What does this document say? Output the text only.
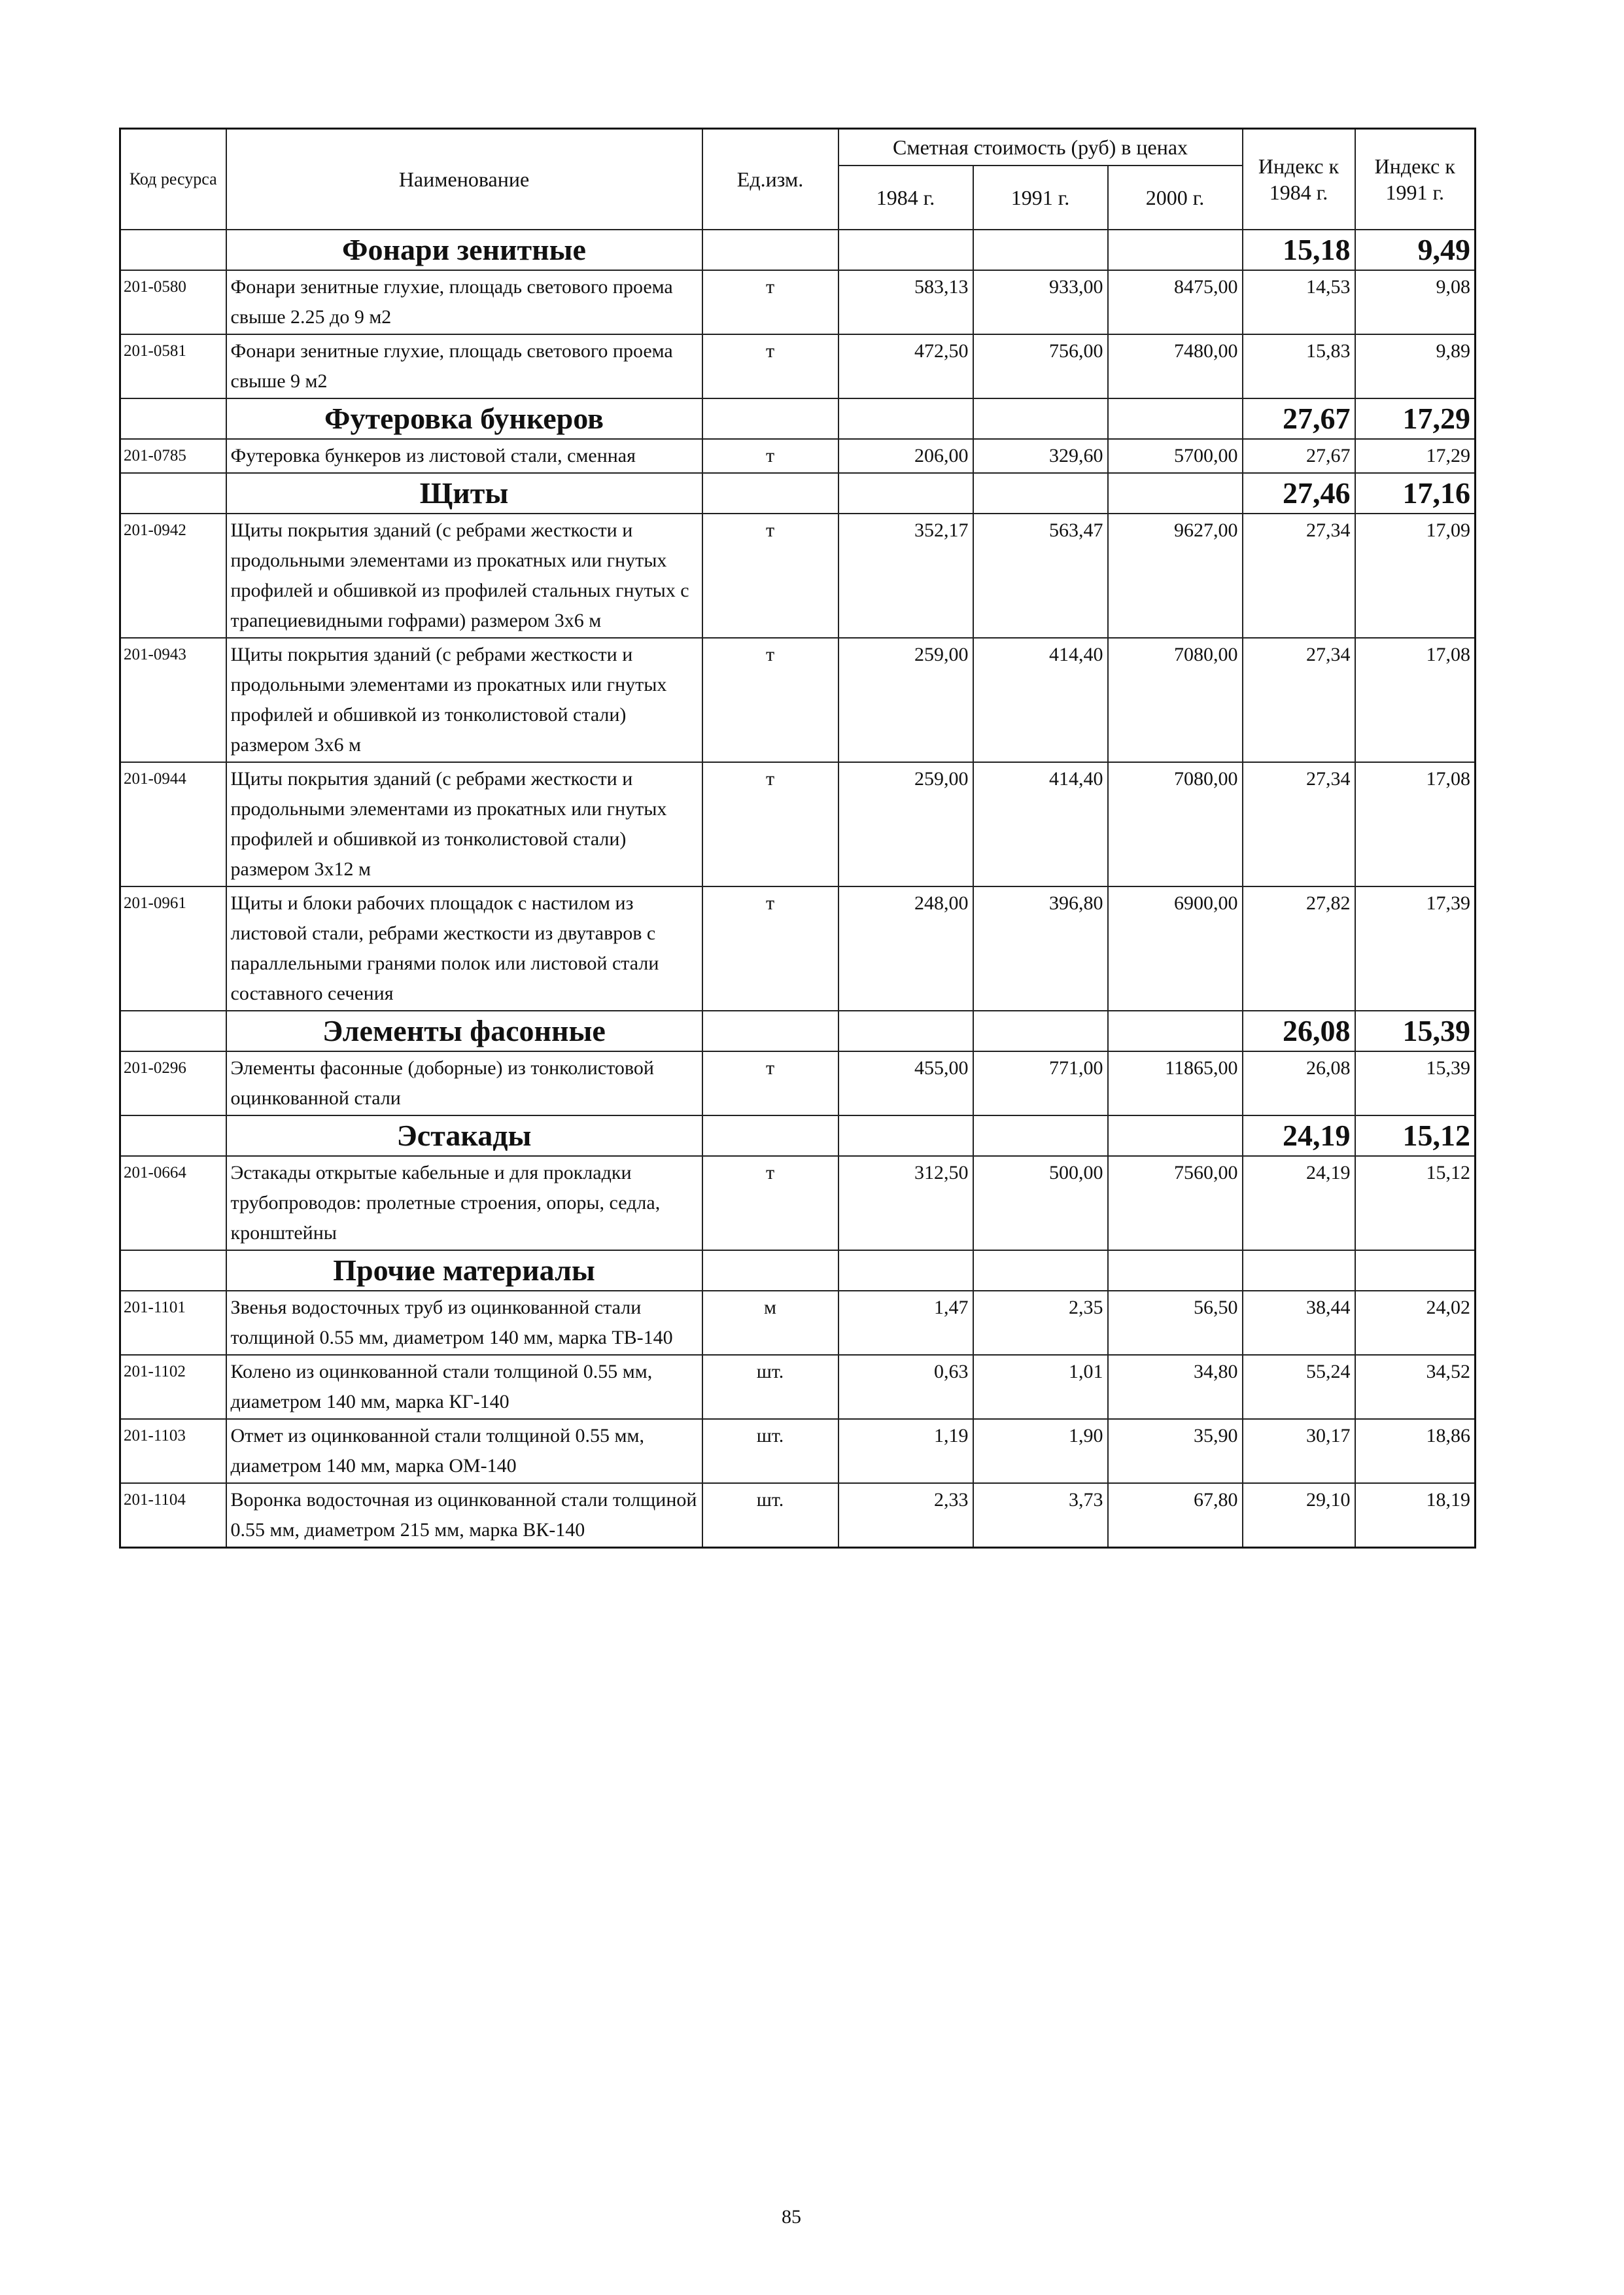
Код ресурса	Наименование	Ед.изм.	Сметная стоимость (руб) в ценах			Индекс к 1984 г.	Индекс к 1991 г.
			1984 г.	1991 г.	2000 г.		
	Фонари зенитные					15,18	9,49
201-0580	Фонари зенитные глухие, площадь светового проема свыше 2.25 до 9 м2	т	583,13	933,00	8475,00	14,53	9,08
201-0581	Фонари зенитные глухие, площадь светового проема свыше 9 м2	т	472,50	756,00	7480,00	15,83	9,89
	Футеровка бункеров					27,67	17,29
201-0785	Футеровка бункеров из листовой стали, сменная	т	206,00	329,60	5700,00	27,67	17,29
	Щиты					27,46	17,16
201-0942	Щиты покрытия зданий (с ребрами жесткости и продольными элементами из прокатных или гнутых профилей и обшивкой из профилей стальных гнутых с трапециевидными гофрами) размером 3х6 м	т	352,17	563,47	9627,00	27,34	17,09
201-0943	Щиты покрытия зданий (с ребрами жесткости и продольными элементами из прокатных или гнутых профилей и обшивкой из тонколистовой стали) размером 3х6 м	т	259,00	414,40	7080,00	27,34	17,08
201-0944	Щиты покрытия зданий (с ребрами жесткости и продольными элементами из прокатных или гнутых профилей и обшивкой из тонколистовой стали) размером 3х12 м	т	259,00	414,40	7080,00	27,34	17,08
201-0961	Щиты и блоки рабочих площадок с настилом из листовой стали, ребрами жесткости из двутавров с параллельными гранями полок или листовой стали составного сечения	т	248,00	396,80	6900,00	27,82	17,39
	Элементы фасонные					26,08	15,39
201-0296	Элементы фасонные (доборные) из тонколистовой оцинкованной стали	т	455,00	771,00	11865,00	26,08	15,39
	Эстакады					24,19	15,12
201-0664	Эстакады открытые кабельные и для прокладки трубопроводов: пролетные строения, опоры, седла, кронштейны	т	312,50	500,00	7560,00	24,19	15,12
	Прочие материалы						
201-1101	Звенья водосточных труб из оцинкованной стали толщиной 0.55 мм, диаметром 140 мм, марка ТВ-140	м	1,47	2,35	56,50	38,44	24,02
201-1102	Колено из оцинкованной стали толщиной 0.55 мм, диаметром 140 мм, марка КГ-140	шт.	0,63	1,01	34,80	55,24	34,52
201-1103	Отмет из оцинкованной стали толщиной 0.55 мм, диаметром 140 мм, марка ОМ-140	шт.	1,19	1,90	35,90	30,17	18,86
201-1104	Воронка водосточная из оцинкованной стали толщиной 0.55 мм, диаметром 215 мм, марка ВК-140	шт.	2,33	3,73	67,80	29,10	18,19
85
